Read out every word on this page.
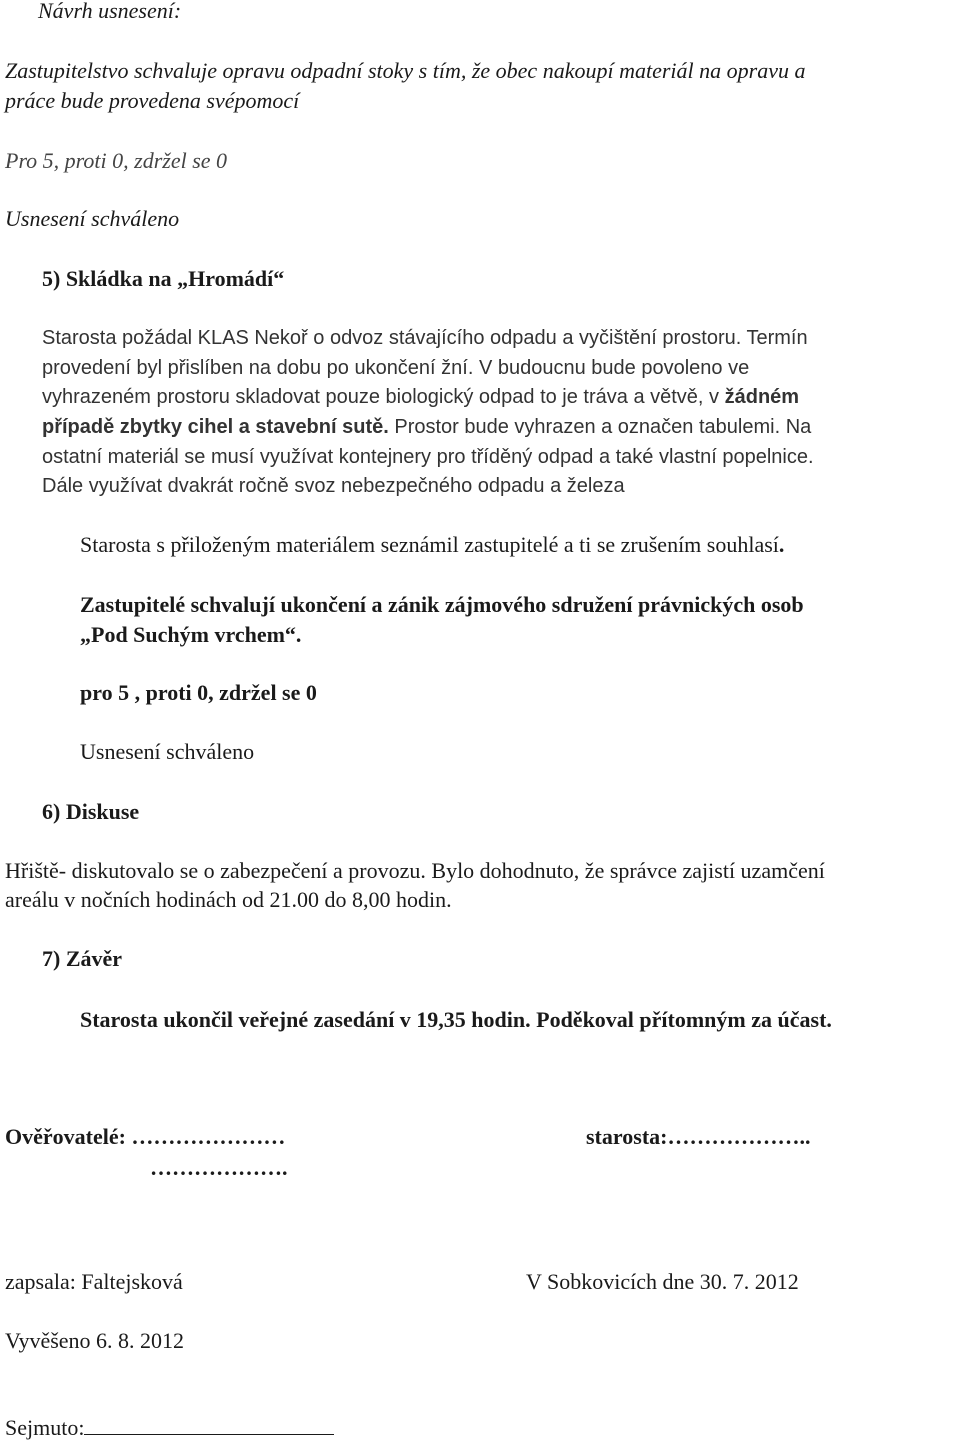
Návrh usnesení:
Zastupitelstvo schvaluje opravu odpadní stoky s tím, že obec nakoupí materiál na opravu a
práce bude provedena svépomocí
Pro 5, proti 0, zdržel se 0
Usnesení schváleno
5) Skládka na „Hromádí“
Starosta požádal KLAS Nekoř o odvoz stávajícího odpadu a vyčištění prostoru. Termín
provedení byl přislíben na dobu po ukončení žní. V budoucnu bude povoleno ve
vyhrazeném prostoru skladovat pouze biologický odpad to je tráva a větvě, v žádném
případě zbytky cihel a stavební sutě. Prostor bude vyhrazen a označen tabulemi. Na
ostatní materiál se musí využívat kontejnery pro tříděný odpad a také vlastní popelnice.
Dále využívat dvakrát ročně svoz nebezpečného odpadu a železa
Starosta s přiloženým materiálem seznámil zastupitelé a ti se zrušením souhlasí.
Zastupitelé schvalují ukončení a zánik zájmového sdružení právnických osob
„Pod Suchým vrchem“.
pro 5 , proti 0, zdržel se 0
Usnesení schváleno
6) Diskuse
Hřiště- diskutovalo se o zabezpečení a provozu. Bylo dohodnuto, že správce zajistí uzamčení
areálu v nočních hodinách od 21.00 do 8,00 hodin.
7) Závěr
Starosta ukončil veřejné zasedání v 19,35 hodin. Poděkoval přítomným za účast.
Ověřovatelé: …………………	starosta:………………..
……………….
zapsala: Faltejsková	V Sobkovicích dne 30. 7. 2012
Vyvěšeno 6. 8. 2012
Sejmuto:
